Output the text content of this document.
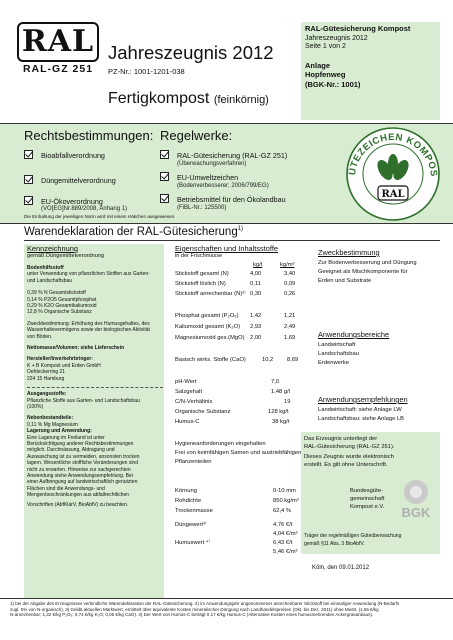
RAL
RAL-GZ 251
Jahreszeugnis 2012
PZ-Nr.: 1001-1201-038
Fertigkompost (feinkörnig)
RAL-Gütesicherung Kompost
Jahreszeugnis 2012
Seite 1 von 2
Anlage
Hopfenweg
(BGK-Nr.: 1001)
Rechtsbestimmungen: Regelwerke:
Bioabfallverordnung
Düngemittelverordnung
EU-Ökoverordnung
(VO[EG]Nr.889/2008, Anhang 1)
RAL-Gütesicherung (RAL-GZ 251)
(Überwachungsverfahren)
EU-Umweltzeichen
(Bodenverbesserer; 2006/799/EG)
Betriebsmittel für den Ökolandbau
(FiBL-Nr.: 125500)
ÜTEZEICHEN KOMPOS
RAL
Die Einhaltung der jeweiligen Norm wird mit einem Häkchen ausgewiesen.
Warendeklaration der RAL-Gütesicherung$^{1)}$
Kennzeichnung
gemäß Düngemittelverordnung
Bodenhilfsstoff
unter Verwendung von pflanzlichen Stoffen aus Garten-
und Landschaftsbau
0,39 % N Gesamtstickstoff
0,14 % P2O5 Gesamtphosphat
0,29 % K2O Gesamtkaliumoxid
12,8 % Organische Substanz
Zweckbestimmung: Erhöhung des Humusgehaltes, des
Wasserhaltevermögens sowie der biologischen Aktivität
von Böden.
Nettomasse/Volumen: siehe Lieferschein
Hersteller/Inverkehrbringer:
K + B Kompost und Erden GmbH
Oehleckerring 21
224 15 Hamburg
Ausgangsstoffe:
Pflanzliche Stoffe aus Garten- und Landschaftsbau
(100%)
Nebenbestandteile:
0,11 % Mg Magnesium
Lagerung und Anwendung:
Eine Lagerung im Freiland ist unter
Berücksichtigung anderer Rechtsbestimmungen
möglich. Durchnässung, Abtragung und
Auswaschung ist zu vermeiden, ansonsten trocken
lagern. Wesentliche stoffliche Veränderungen sind
nicht zu erwarten. Hinweise zur sachgerechten
Anwendung siehe Anwendungsempfehlung. Bei
einer Aufbringung auf landwirtschaftlich genutzten
Flächen sind die Anwendungs- und
Mengenbeschränkungen aus abfallrechtlichen
Vorschriften (AbfKlärV, BioAbfV) zu beachten.
Eigenschaften und Inhaltsstoffe
in der Frischmasse
kg/t	kg/m³
Stickstoff gesamt (N)	4,00	3,40
Stickstoff löslich (N)	0,11	0,09
Stickstoff anrechenbar (N)²⁾ 0,30	0,26
Phosphat gesamt (P₂O₅) 1,42	1,21
Kaliumoxid gesamt (K₂O) 2,93	2,49
Magnesiumoxid ges.(MgO) 2,00	1,69
Basisch wirks. Stoffe (CaO)	10,2 8,69
pH-Wert	7,0
Salzgehalt	1,48 g/l
C/N-Verhältnis	19
Organische Substanz	128 kg/t
Humus-C	38 kg/t
Hygieneanforderungen eingehalten
Frei von keimfähigen Samen und austriebfähigen
Pflanzenteilen
Körnung	0-10 mm
Rohdichte	850 kg/m³
Trockenmasse	62,4 %
Düngewert³⁾	4,76 €/t
4,04 €/m³
Humuswert ⁴⁾	6,43 €/t
5,46 €/m³
Zweckbestimmung
Zur Bodenverbesserung und Düngung
Geeignet als Mischkomponente für
Erden und Substrate
Anwendungsbereiche
Landwirtschaft
Landschaftsbau
Erdenwerke
Anwendungsempfehlungen
Landwirtschaft: siehe Anlage LW
Landschaftsbau: siehe Anlage LB
Das Erzeugnis unterliegt der
RAL-Gütesicherung (RAL-GZ 251).
Dieses Zeugnis wurde elektronisch
erstellt. Es gilt ohne Unterschrift.
Bundesgüte-
gemeinschaft
Kompost e.V. BGK
Träger der regelmäßigen Güteüberwachung
gemäß §11 Abs. 3 BioAbfV.
Köln, den 09.01.2012
1) bei der Abgabe des Erzeugnisses verbindliche Warendeklaration der RAL-Gütesicherung. 2) im Anwendungsjahr angenommener anrechenbarer Stickstoff bei einmaliger Anwendung (N-Bedarfs
zugl. 5% von N-organisch). 3) Geldä aktuellen Marktwert, ermittelt über äquivalente Kosten mineralischer Düngung nach Landhandelspreisen (Okt. bis Dez. 2011) ohne MwSt. (1,66 €/kg
N-anrechenbar; 1,32 €/kg P₂O₅; 0,74 €/kg K₂O; 0,05 €/kg CaO). 4) Der Wert von Humus-C beträgt 0,17 €/kg Humus-C (Alternative Kosten eines humusmehrenden Ackergrasanbaus).
